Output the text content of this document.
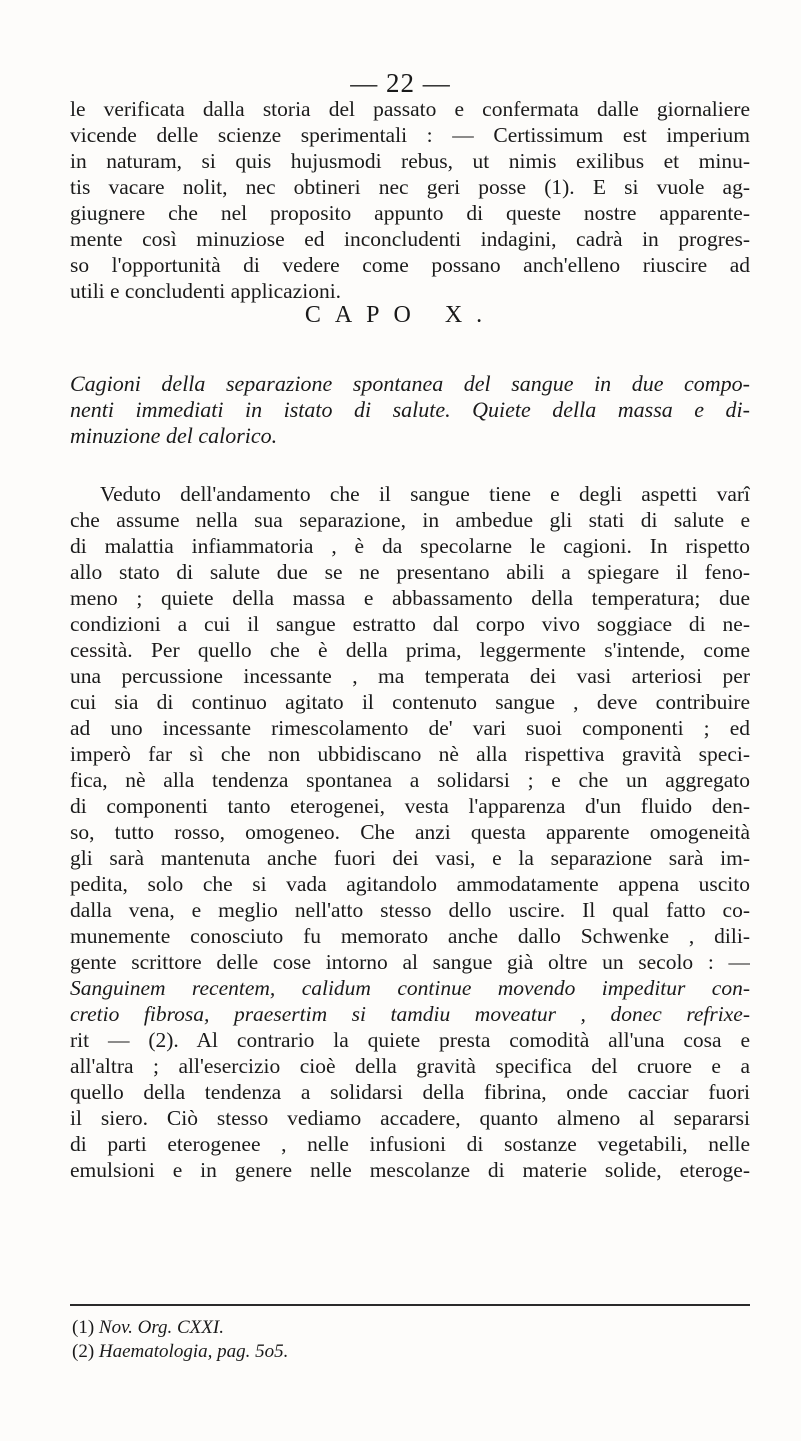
— 22 —
le verificata dalla storia del passato e confermata dalle giornaliere
vicende delle scienze sperimentali : — Certissimum est imperium
in naturam, si quis hujusmodi rebus, ut nimis exilibus et minu-
tis vacare nolit, nec obtineri nec geri posse (1). E si vuole ag-
giugnere che nel proposito appunto di queste nostre apparente-
mente così minuziose ed inconcludenti indagini, cadrà in progres-
so l'opportunità di vedere come possano anch'elleno riuscire ad
utili e concludenti applicazioni.
CAPO X.
Cagioni della separazione spontanea del sangue in due compo-
nenti immediati in istato di salute. Quiete della massa e di-
minuzione del calorico.
Veduto dell'andamento che il sangue tiene e degli aspetti varî
che assume nella sua separazione, in ambedue gli stati di salute e
di malattia infiammatoria , è da specolarne le cagioni. In rispetto
allo stato di salute due se ne presentano abili a spiegare il feno-
meno ; quiete della massa e abbassamento della temperatura; due
condizioni a cui il sangue estratto dal corpo vivo soggiace di ne-
cessità. Per quello che è della prima, leggermente s'intende, come
una percussione incessante , ma temperata dei vasi arteriosi per
cui sia di continuo agitato il contenuto sangue , deve contribuire
ad uno incessante rimescolamento de' vari suoi componenti ; ed
imperò far sì che non ubbidiscano nè alla rispettiva gravità speci-
fica, nè alla tendenza spontanea a solidarsi ; e che un aggregato
di componenti tanto eterogenei, vesta l'apparenza d'un fluido den-
so, tutto rosso, omogeneo. Che anzi questa apparente omogeneità
gli sarà mantenuta anche fuori dei vasi, e la separazione sarà im-
pedita, solo che si vada agitandolo ammodatamente appena uscito
dalla vena, e meglio nell'atto stesso dello uscire. Il qual fatto co-
munemente conosciuto fu memorato anche dallo Schwenke , dili-
gente scrittore delle cose intorno al sangue già oltre un secolo : —
Sanguinem recentem, calidum continue movendo impeditur con-
cretio fibrosa, praesertim si tamdiu moveatur , donec refrixe-
rit — (2). Al contrario la quiete presta comodità all'una cosa e
all'altra ; all'esercizio cioè della gravità specifica del cruore e a
quello della tendenza a solidarsi della fibrina, onde cacciar fuori
il siero. Ciò stesso vediamo accadere, quanto almeno al separarsi
di parti eterogenee , nelle infusioni di sostanze vegetabili, nelle
emulsioni e in genere nelle mescolanze di materie solide, eteroge-
(1) Nov. Org. CXXI.
(2) Haematologia, pag. 5o5.
